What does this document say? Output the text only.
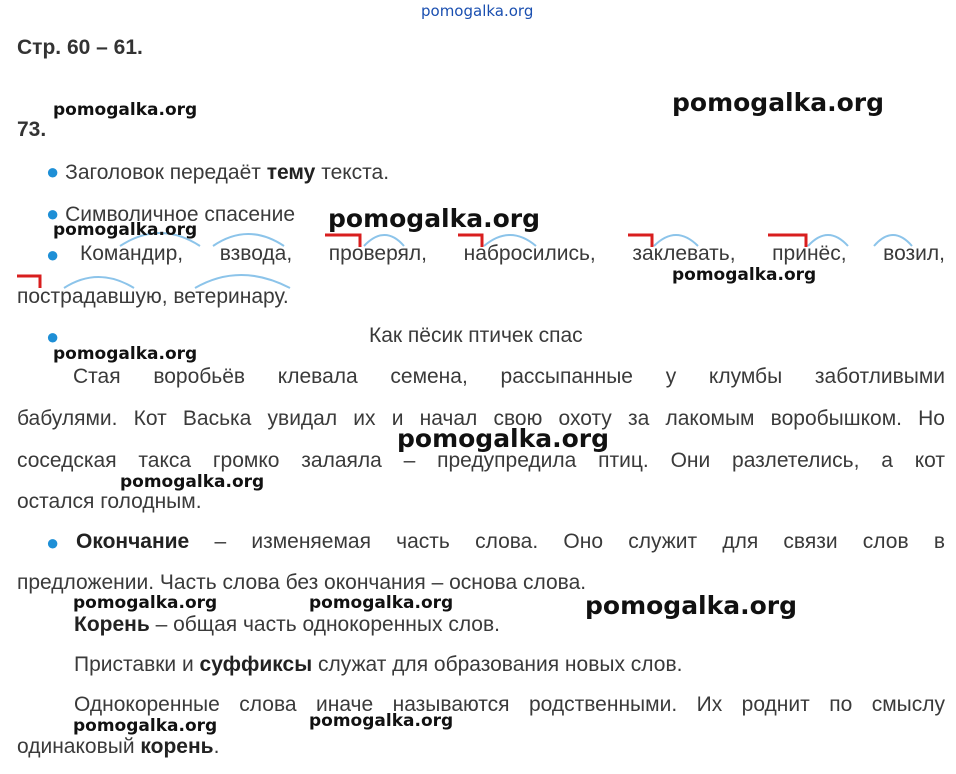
pomogalka.org
Стр. 60 – 61.
73.
● Заголовок передаёт тему текста.
● Символичное спасение
● Командир, взвода, проверял, набросились, заклевать, принёс, возил,
пострадавшую, ветеринару.
●	Как пёсик птичек спас
Стая воробьёв клевала семена, рассыпанные у клумбы заботливыми
бабулями. Кот Васька увидал их и начал свою охоту за лакомым воробышком. Но
соседская такса громко залаяла – предупредила птиц. Они разлетелись, а кот
остался голодным.
● Окончание – изменяемая часть слова. Оно служит для связи слов в
предложении. Часть слова без окончания – основа слова.
Корень – общая часть однокоренных слов.
Приставки и суффиксы служат для образования новых слов.
Однокоренные слова иначе называются родственными. Их роднит по смыслу
одинаковый корень.
pomogalka.org	pomogalka.org
pomogalka.org
pomogalka.org
pomogalka.org
pomogalka.org
pomogalka.org
pomogalka.org
pomogalka.org	pomogalka.org	pomogalka.org
pomogalka.org	pomogalka.org
